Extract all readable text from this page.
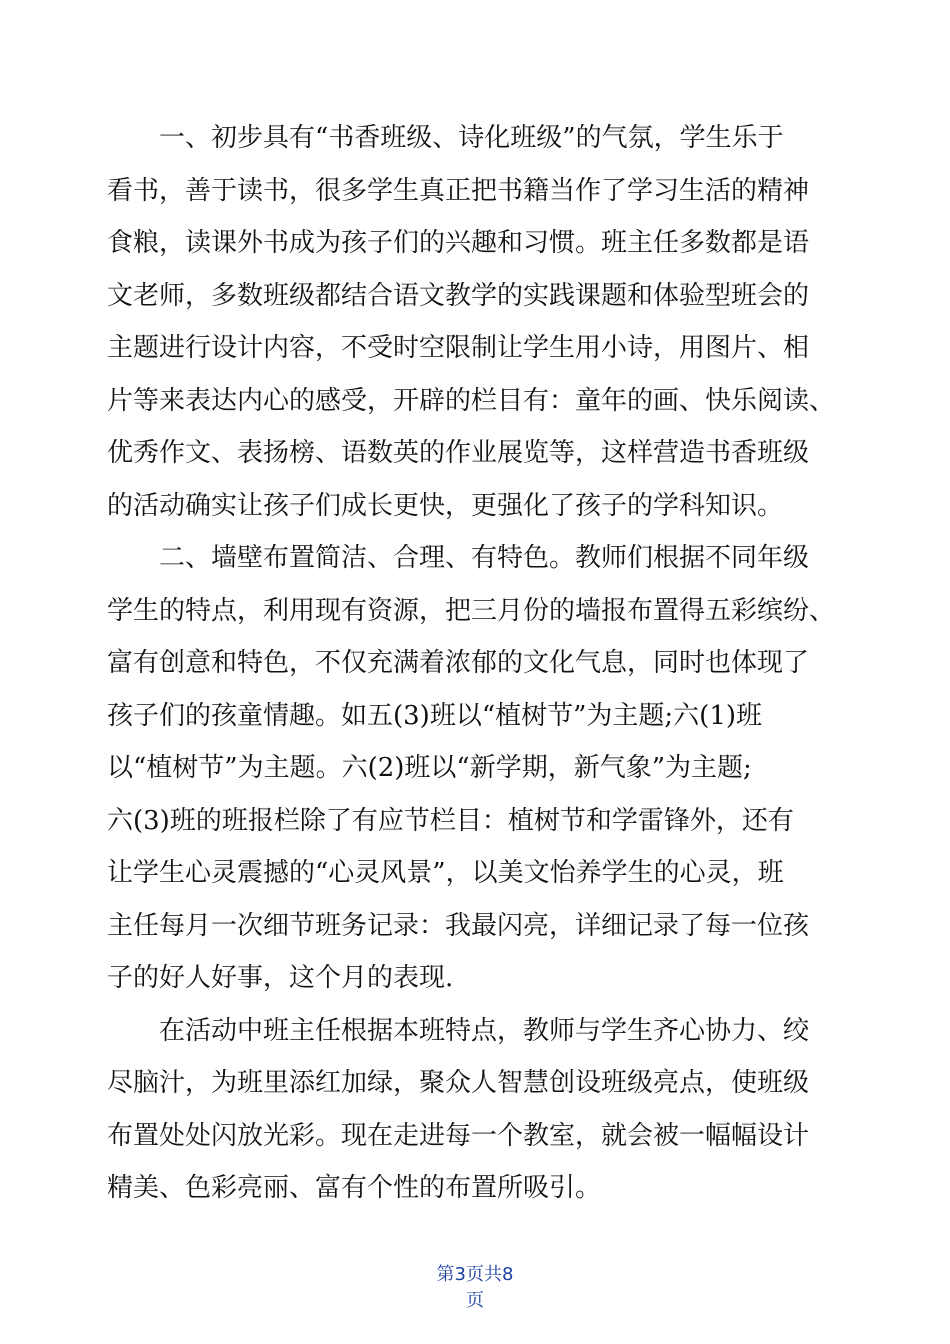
　　一、初步具有“书香班级、诗化班级”的气氛，学生乐于
看书，善于读书，很多学生真正把书籍当作了学习生活的精神
食粮，读课外书成为孩子们的兴趣和习惯。班主任多数都是语
文老师，多数班级都结合语文教学的实践课题和体验型班会的
主题进行设计内容，不受时空限制让学生用小诗，用图片、相
片等来表达内心的感受，开辟的栏目有：童年的画、快乐阅读、
优秀作文、表扬榜、语数英的作业展览等，这样营造书香班级
的活动确实让孩子们成长更快，更强化了孩子的学科知识。
　　二、墙壁布置简洁、合理、有特色。教师们根据不同年级
学生的特点，利用现有资源，把三月份的墙报布置得五彩缤纷、
富有创意和特色，不仅充满着浓郁的文化气息，同时也体现了
孩子们的孩童情趣。如五(3)班以“植树节”为主题;六(1)班
以“植树节”为主题。六(2)班以“新学期，新气象”为主题;
六(3)班的班报栏除了有应节栏目：植树节和学雷锋外，还有
让学生心灵震撼的“心灵风景”，以美文怡养学生的心灵，班
主任每月一次细节班务记录：我最闪亮，详细记录了每一位孩
子的好人好事，这个月的表现.
　　在活动中班主任根据本班特点，教师与学生齐心协力、绞
尽脑汁，为班里添红加绿，聚众人智慧创设班级亮点，使班级
布置处处闪放光彩。现在走进每一个教室，就会被一幅幅设计
精美、色彩亮丽、富有个性的布置所吸引。
第3页共8
页
